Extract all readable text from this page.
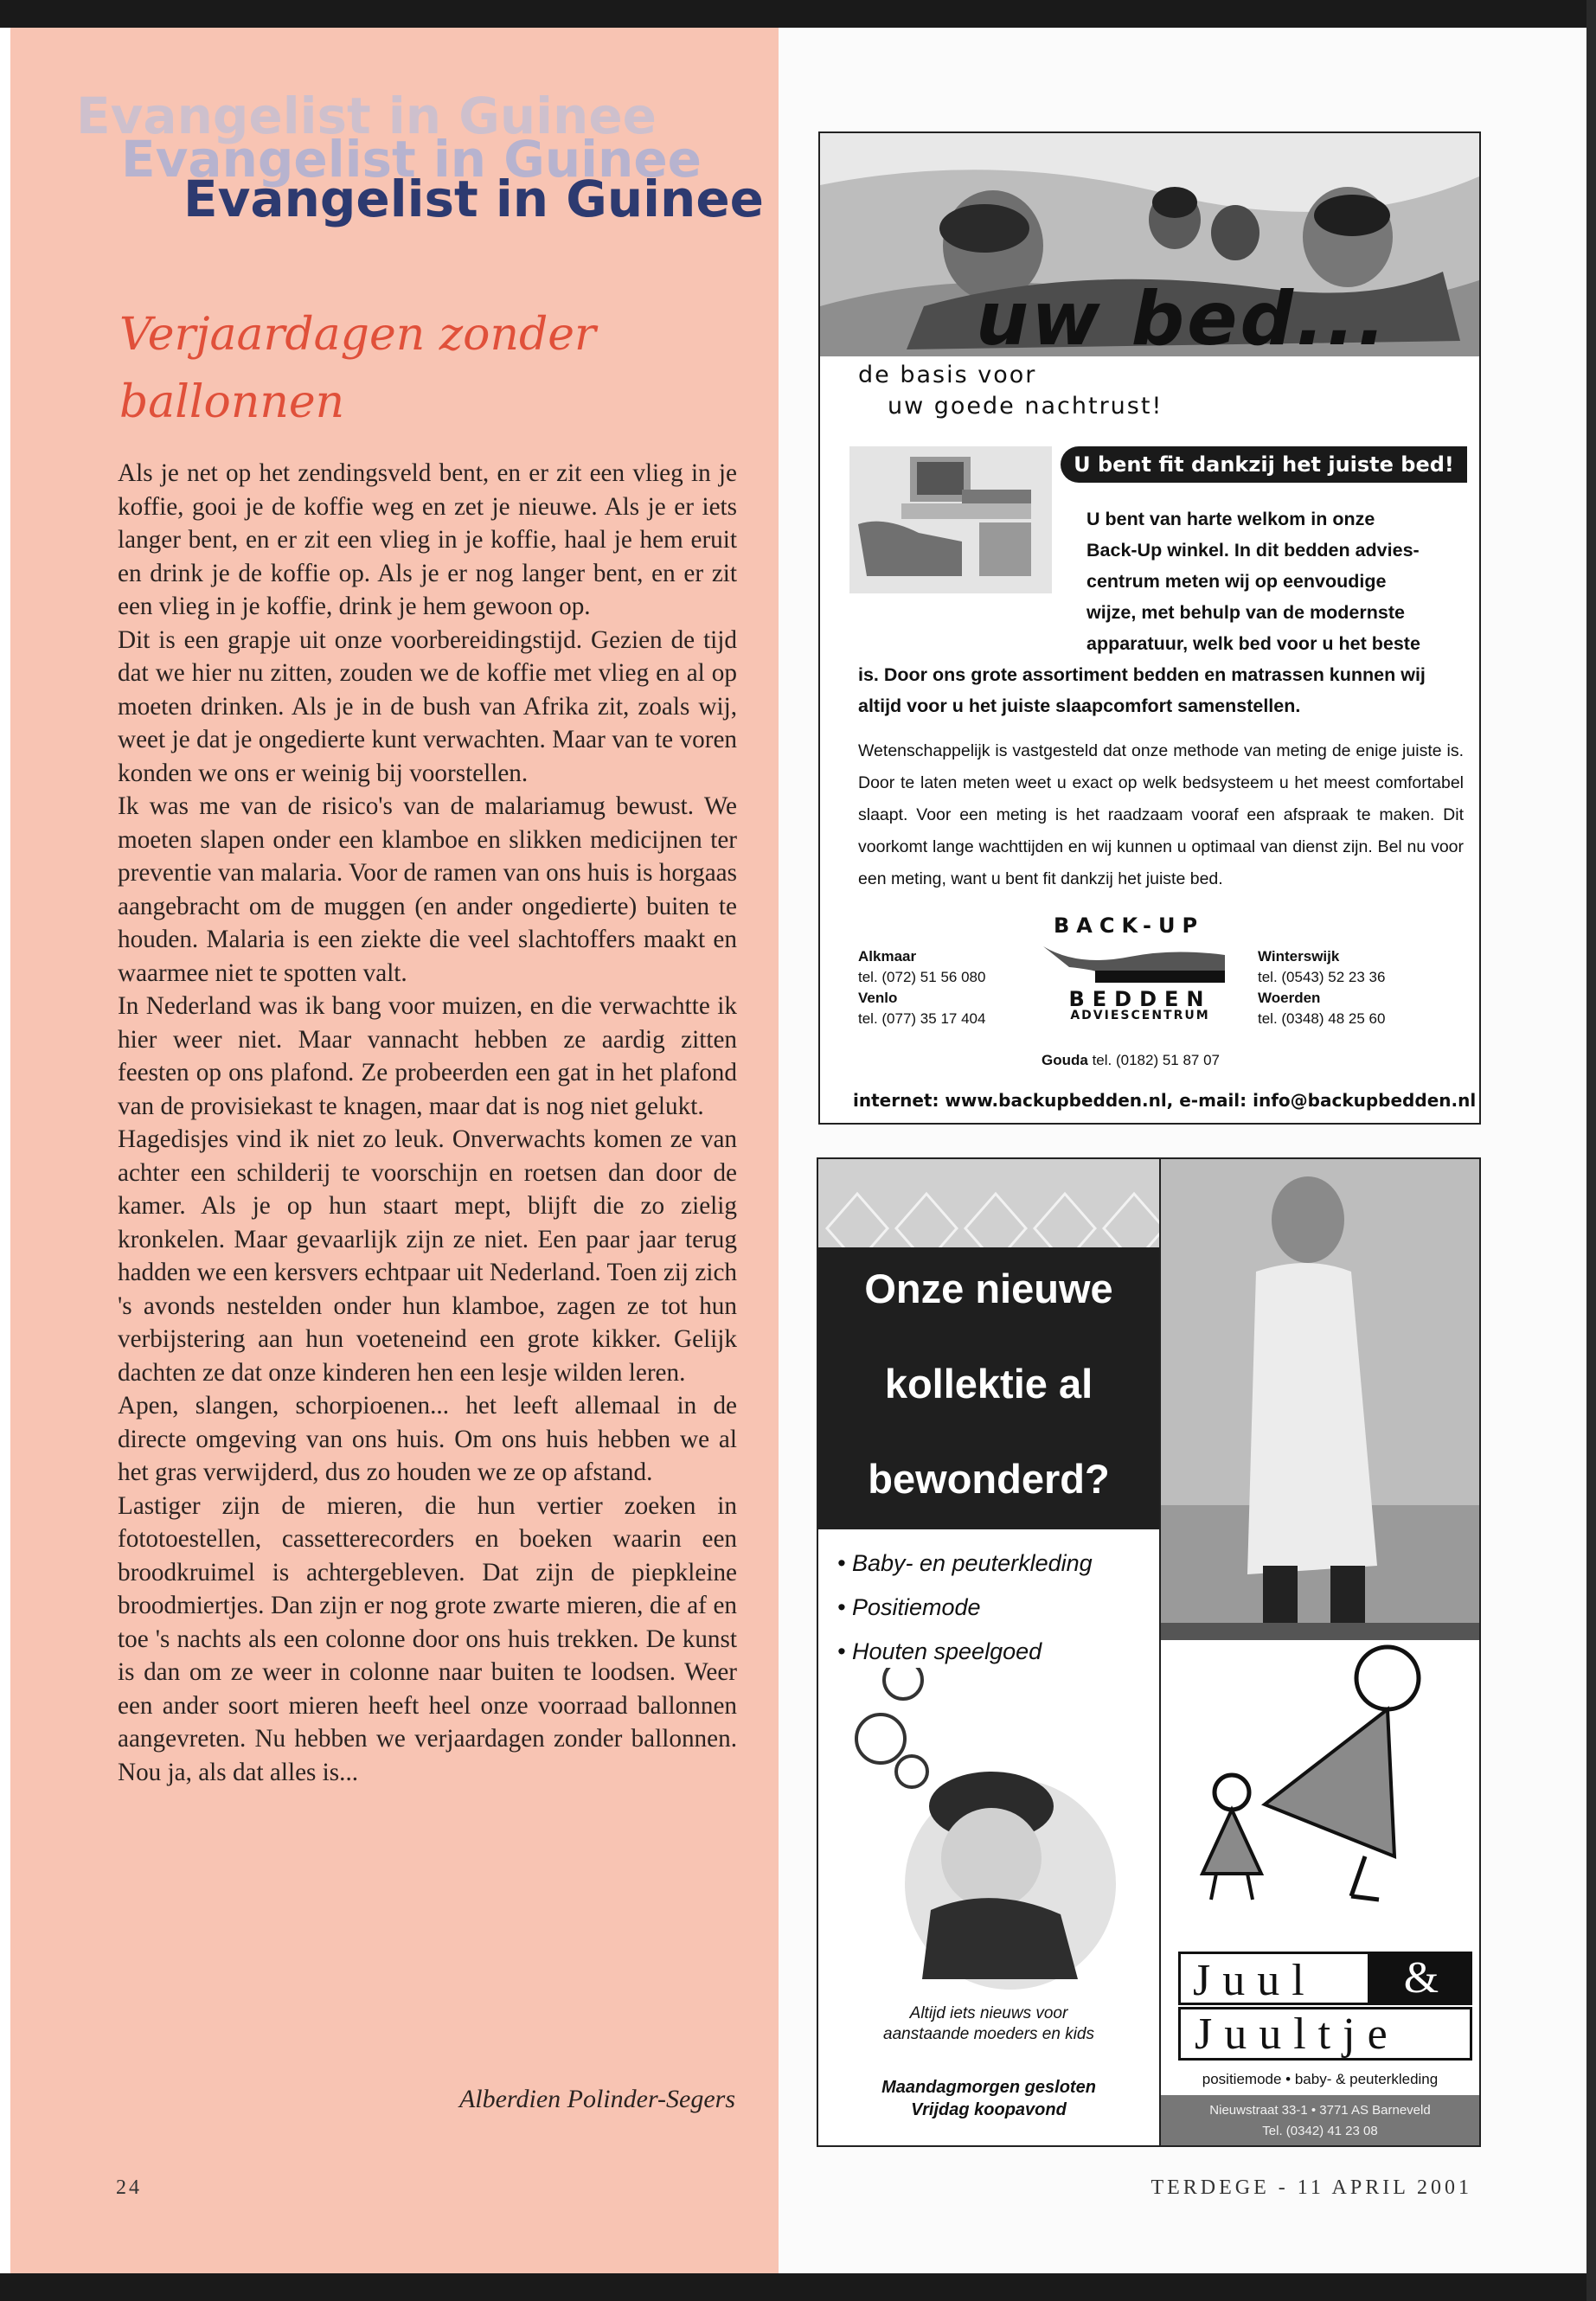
Evangelist in Guinee
Evangelist in Guinee
Evangelist in Guinee
Verjaardagen zonder
ballonnen

Als je net op het zendingsveld bent, en er zit een vlieg in je koffie, gooi je de koffie weg en zet je nieuwe. Als je er iets langer bent, en er zit een vlieg in je koffie, haal je hem eruit en drink je de koffie op. Als je er nog langer bent, en er zit een vlieg in je koffie, drink je hem gewoon op.

Dit is een grapje uit onze voorbereidingstijd. Gezien de tijd dat we hier nu zitten, zouden we de koffie met vlieg en al op moeten drinken. Als je in de bush van Afrika zit, zoals wij, weet je dat je ongedierte kunt verwachten. Maar van te voren konden we ons er weinig bij voorstellen.

Ik was me van de risico's van de malariamug bewust. We moeten slapen onder een klamboe en slikken medicijnen ter preventie van malaria. Voor de ramen van ons huis is horgaas aangebracht om de muggen (en ander ongedierte) buiten te houden. Malaria is een ziekte die veel slachtoffers maakt en waarmee niet te spotten valt.

In Nederland was ik bang voor muizen, en die verwachtte ik hier weer niet. Maar vannacht hebben ze aardig zitten feesten op ons plafond. Ze probeerden een gat in het plafond van de provisiekast te knagen, maar dat is nog niet gelukt.

Hagedisjes vind ik niet zo leuk. Onverwachts komen ze van achter een schilderij te voorschijn en roetsen dan door de kamer. Als je op hun staart mept, blijft die zo zielig kronkelen. Maar gevaarlijk zijn ze niet. Een paar jaar terug hadden we een kersvers echtpaar uit Nederland. Toen zij zich 's avonds nestelden onder hun klamboe, zagen ze tot hun verbijstering aan hun voeteneind een grote kikker. Gelijk dachten ze dat onze kinderen hen een lesje wilden leren.

Apen, slangen, schorpioenen... het leeft allemaal in de directe omgeving van ons huis. Om ons huis hebben we al het gras verwijderd, dus zo houden we ze op afstand.

Lastiger zijn de mieren, die hun vertier zoeken in fototoestellen, cassetterecorders en boeken waarin een broodkruimel is achtergebleven. Dat zijn de piepkleine broodmiertjes. Dan zijn er nog grote zwarte mieren, die af en toe 's nachts als een colonne door ons huis trekken. De kunst is dan om ze weer in colonne naar buiten te loodsen. Weer een ander soort mieren heeft heel onze voorraad ballonnen aangevreten. Nu hebben we verjaardagen zonder ballonnen. Nou ja, als dat alles is...

Alberdien Polinder-Segers
24
uw bed...
de basis voor
uw goede nachtrust!
U bent fit dankzij het juiste bed!
U bent van harte welkom in onze
Back-Up winkel. In dit bedden advies-
centrum meten wij op eenvoudige
wijze, met behulp van de modernste
apparatuur, welk bed voor u het beste
is. Door ons grote assortiment bedden en matrassen kunnen wij
altijd voor u het juiste slaapcomfort samenstellen.
Wetenschappelijk is vastgesteld dat onze methode van meting de enige juiste is. Door te laten meten weet u exact op welk bedsysteem u het meest comfortabel slaapt. Voor een meting is het raadzaam vooraf een afspraak te maken. Dit voorkomt lange wachttijden en wij kunnen u optimaal van dienst zijn. Bel nu voor een meting, want u bent fit dankzij het juiste bed.
BACK-UP
BEDDEN
ADVIESCENTRUM
Alkmaar
tel. (072) 51 56 080
Venlo
tel. (077) 35 17 404
Winterswijk
tel. (0543) 52 23 36
Woerden
tel. (0348) 48 25 60
Gouda tel. (0182) 51 87 07
internet: www.backupbedden.nl, e-mail: info@backupbedden.nl
Onze nieuwe
kollektie al
bewonderd?
• Baby- en peuterkleding
• Positiemode
• Houten speelgoed
Altijd iets nieuws voor
aanstaande moeders en kids
Maandagmorgen gesloten
Vrijdag koopavond
Juul	&
Juultje
positiemode • baby- & peuterkleding
Nieuwstraat 33-1 • 3771 AS Barneveld
Tel. (0342) 41 23 08
TERDEGE - 11 APRIL 2001
